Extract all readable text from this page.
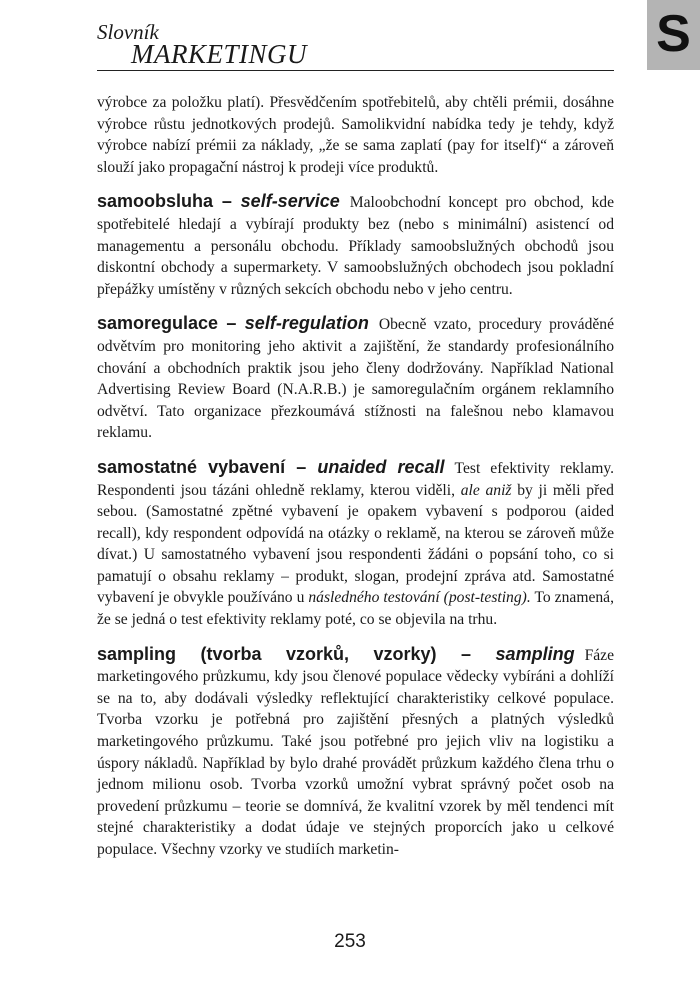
Slovník
MARKETINGU	S

výrobce za položku platí). Přesvědčením spotřebitelů, aby chtěli prémii, dosáhne výrobce růstu jednotkových prodejů. Samolikvidní nabídka tedy je tehdy, když výrobce nabízí prémii za náklady, „že se sama zaplatí (pay for itself)“ a zároveň slouží jako propagační nástroj k prodeji více produktů.

samoobsluha – self-service Maloobchodní koncept pro obchod, kde spotřebitelé hledají a vybírají produkty bez (nebo s minimální) asistencí od managementu a personálu obchodu. Příklady samoobslužných obchodů jsou diskontní obchody a supermarkety. V samoobslužných obchodech jsou pokladní přepážky umístěny v různých sekcích obchodu nebo v jeho centru.

samoregulace – self-regulation Obecně vzato, procedury prováděné odvětvím pro monitoring jeho aktivit a zajištění, že standardy profesionálního chování a obchodních praktik jsou jeho členy dodržovány. Například National Advertising Review Board (N.A.R.B.) je samoregulačním orgánem reklamního odvětví. Tato organizace přezkoumává stížnosti na falešnou nebo klamavou reklamu.

samostatné vybavení – unaided recall Test efektivity reklamy. Respondenti jsou tázáni ohledně reklamy, kterou viděli, ale aniž by ji měli před sebou. (Samostatné zpětné vybavení je opakem vybavení s podporou (aided recall), kdy respondent odpovídá na otázky o reklamě, na kterou se zároveň může dívat.) U samostatného vybavení jsou respondenti žádáni o popsání toho, co si pamatují o obsahu reklamy – produkt, slogan, prodejní zpráva atd. Samostatné vybavení je obvykle používáno u následného testování (post-testing). To znamená, že se jedná o test efektivity reklamy poté, co se objevila na trhu.

sampling (tvorba vzorků, vzorky) – sampling Fáze marketingového průzkumu, kdy jsou členové populace vědecky vybíráni a dohlíží se na to, aby dodávali výsledky reflektující charakteristiky celkové populace. Tvorba vzorku je potřebná pro zajištění přesných a platných výsledků marketingového průzkumu. Také jsou potřebné pro jejich vliv na logistiku a úspory nákladů. Například by bylo drahé provádět průzkum každého člena trhu o jednom milionu osob. Tvorba vzorků umožní vybrat správný počet osob na provedení průzkumu – teorie se domnívá, že kvalitní vzorek by měl tendenci mít stejné charakteristiky a dodat údaje ve stejných proporcích jako u celkové populace. Všechny vzorky ve studiích marketin-

253
